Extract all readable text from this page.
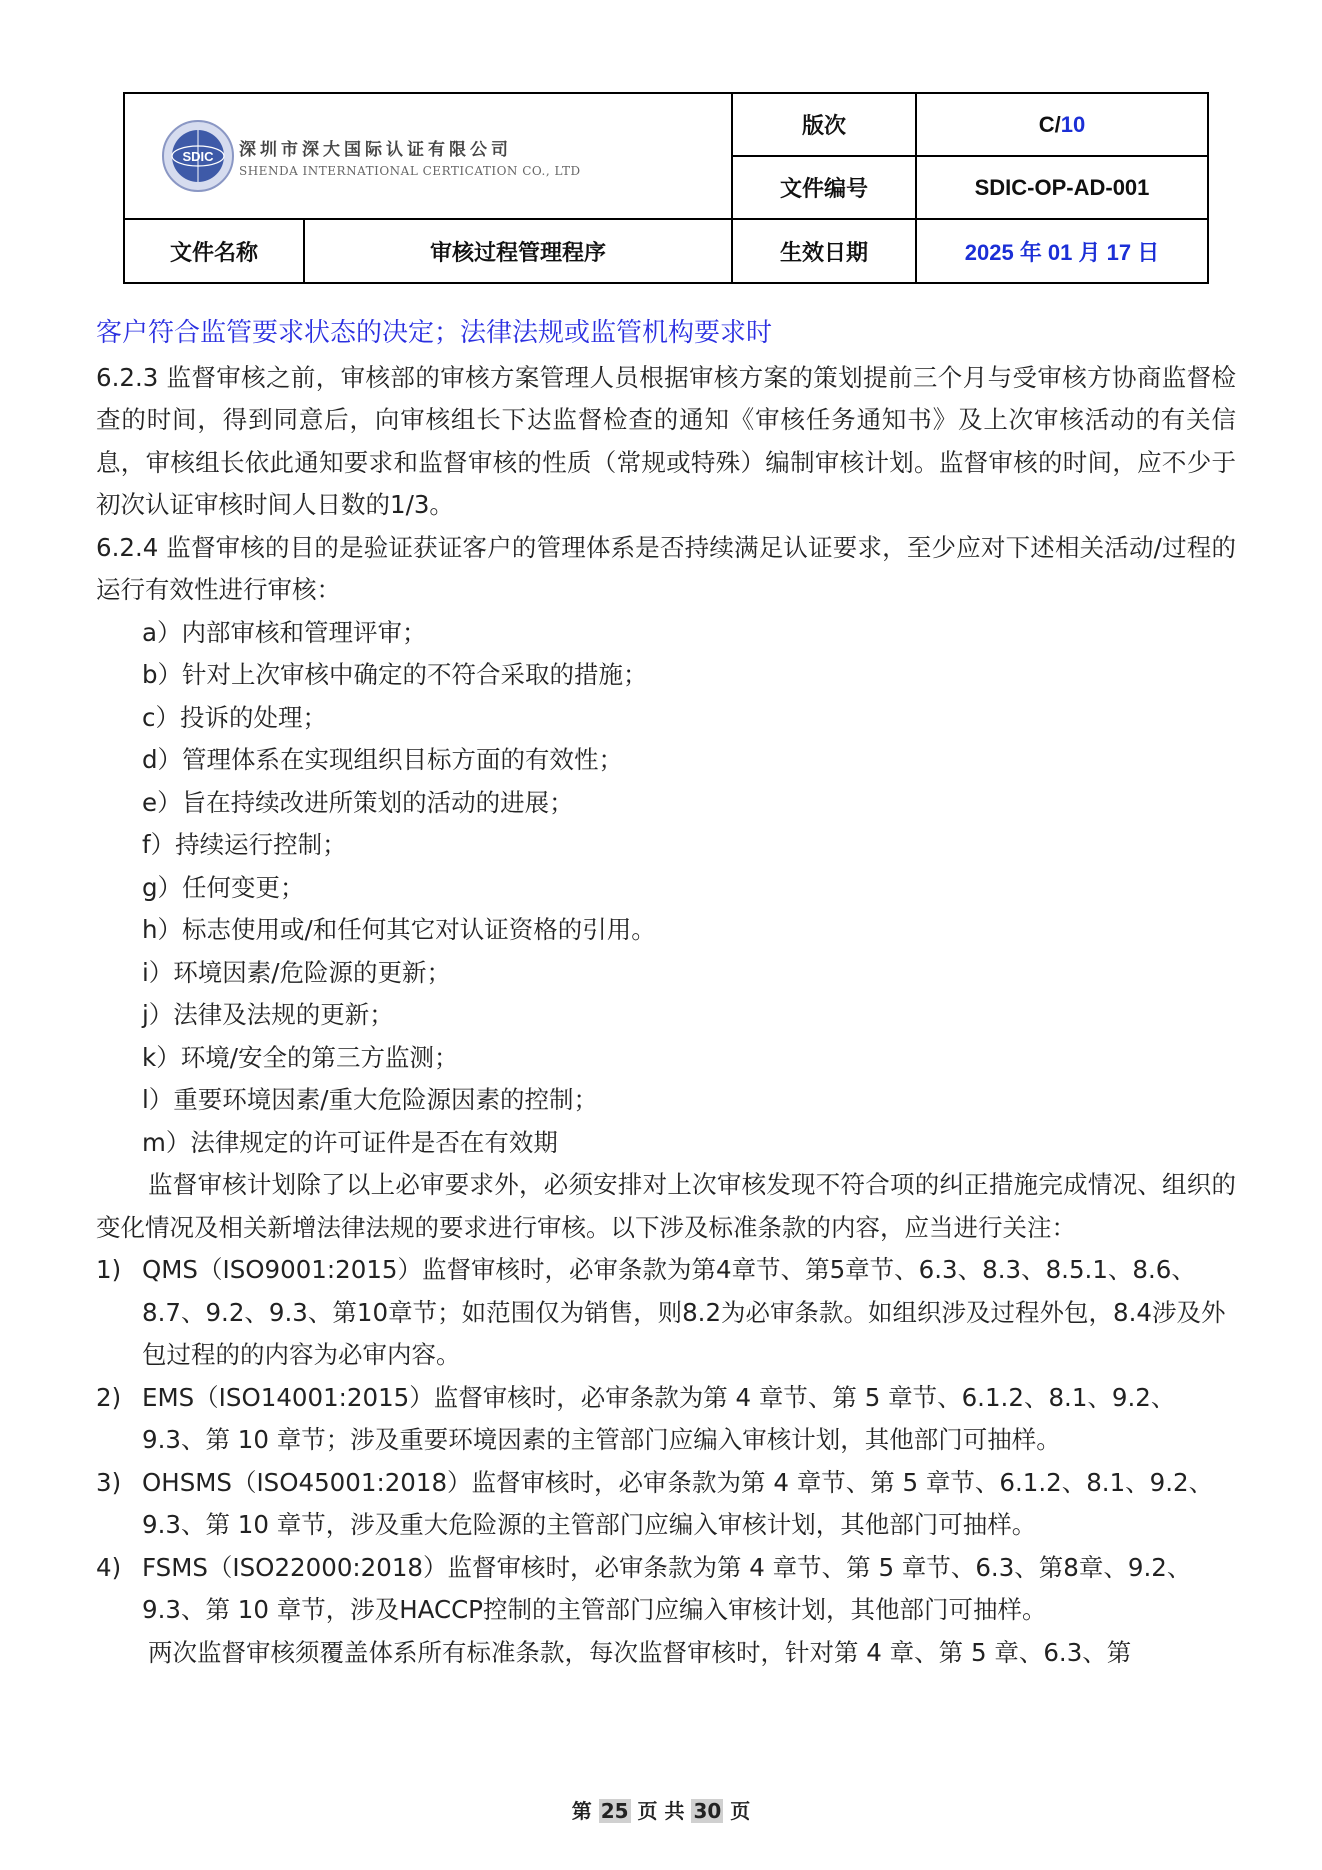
SDIC 深圳市深大国际认证有限公司
SHENDA INTERNATIONAL CERTICATION CO., LTD
版次	C/ 10
文件编号	SDIC-OP-AD-001
文件名称	审核过程管理程序	生效日期	2025 年 01 月 17 日

客户符合监管要求状态的决定；法律法规或监管机构要求时

6.2.3 监督审核之前，审核部的审核方案管理人员根据审核方案的策划提前三个月与受审核方协商监督检查的时间，得到同意后，向审核组长下达监督检查的通知《审核任务通知书》及上次审核活动的有关信息，审核组长依此通知要求和监督审核的性质（常规或特殊）编制审核计划。监督审核的时间，应不少于初次认证审核时间人日数的1/3。

6.2.4 监督审核的目的是验证获证客户的管理体系是否持续满足认证要求，至少应对下述相关活动/过程的运行有效性进行审核：

a）内部审核和管理评审；

b）针对上次审核中确定的不符合采取的措施；

c）投诉的处理；

d）管理体系在实现组织目标方面的有效性；

e）旨在持续改进所策划的活动的进展；

f）持续运行控制；

g）任何变更；

h）标志使用或/和任何其它对认证资格的引用。

i）环境因素/危险源的更新；

j）法律及法规的更新；

k）环境/安全的第三方监测；

l）重要环境因素/重大危险源因素的控制；

m）法律规定的许可证件是否在有效期

监督审核计划除了以上必审要求外，必须安排对上次审核发现不符合项的纠正措施完成情况、组织的变化情况及相关新增法律法规的要求进行审核。以下涉及标准条款的内容，应当进行关注：

1) QMS（ISO9001:2015）监督审核时，必审条款为第4章节、第5章节、6.3、8.3、8.5.1、8.6、8.7、9.2、9.3、第10章节；如范围仅为销售，则8.2为必审条款。如组织涉及过程外包，8.4涉及外包过程的的内容为必审内容。
2) EMS（ISO14001:2015）监督审核时，必审条款为第 4 章节、第 5 章节、6.1.2、8.1、9.2、9.3、第 10 章节；涉及重要环境因素的主管部门应编入审核计划，其他部门可抽样。
3) OHSMS（ISO45001:2018）监督审核时，必审条款为第 4 章节、第 5 章节、6.1.2、8.1、9.2、9.3、第 10 章节，涉及重大危险源的主管部门应编入审核计划，其他部门可抽样。
4) FSMS（ISO22000:2018）监督审核时，必审条款为第 4 章节、第 5 章节、6.3、第8章、9.2、9.3、第 10 章节，涉及HACCP控制的主管部门应编入审核计划，其他部门可抽样。

两次监督审核须覆盖体系所有标准条款，每次监督审核时，针对第 4 章、第 5 章、6.3、第

第 25 页 共 30 页
